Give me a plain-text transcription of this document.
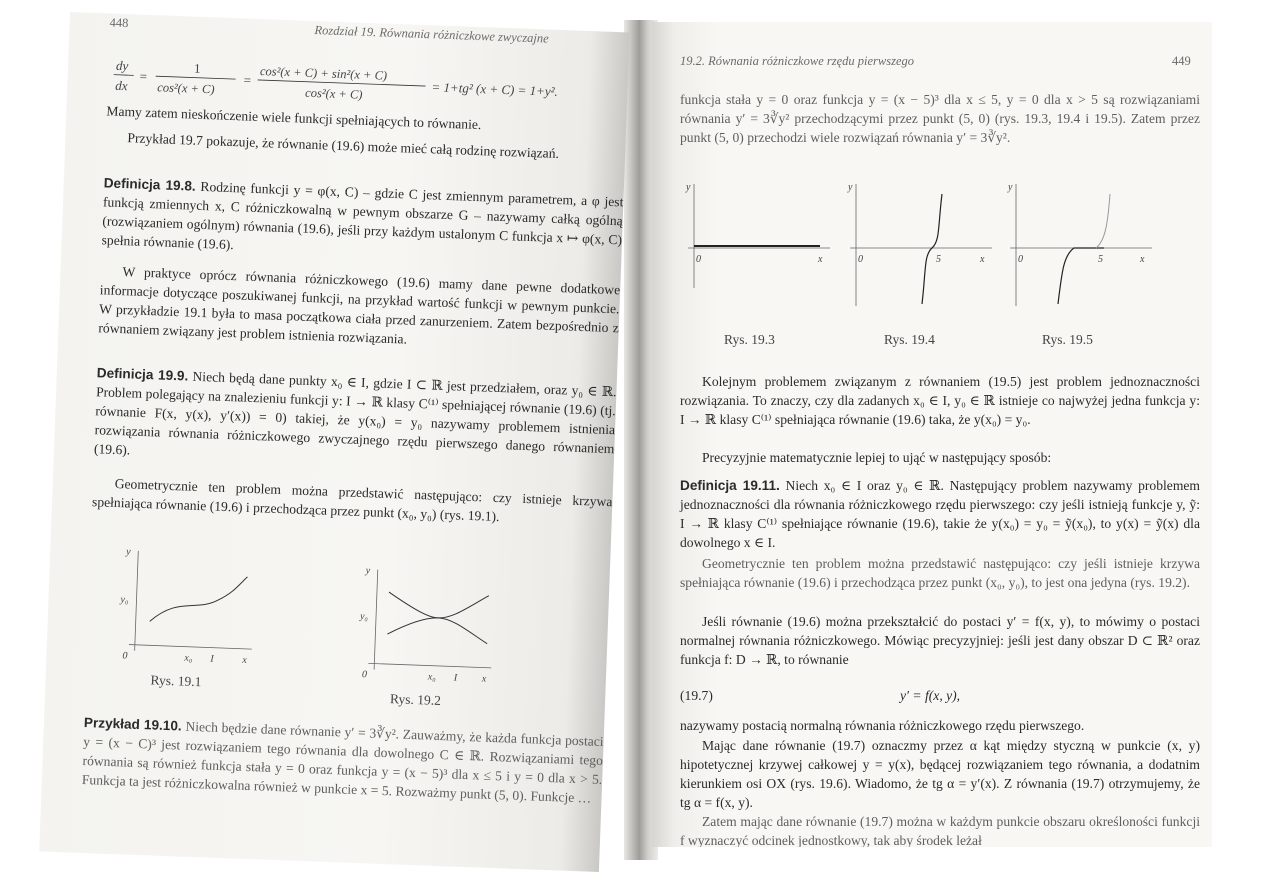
448
Rozdział 19. Równania różniczkowe zwyczajne
dy
dx
=
1
cos²(x + C)
= cos²(x + C) + sin²(x + C)
cos²(x + C)	= 1+tg² (x + C) = 1+y².

Mamy zatem nieskończenie wiele funkcji spełniających to równanie.

Przykład 19.7 pokazuje, że równanie (19.6) może mieć całą rodzinę rozwiązań.

Definicja 19.8. Rodzinę funkcji y = φ(x, C) – gdzie C jest zmiennym parametrem, a φ jest funkcją zmiennych x, C różniczkowalną w pewnym obszarze G – nazywamy całką ogólną (rozwiązaniem ogólnym) równania (19.6), jeśli przy każdym ustalonym C funkcja x ↦ φ(x, C) spełnia równanie (19.6).

W praktyce oprócz równania różniczkowego (19.6) mamy dane pewne dodatkowe informacje dotyczące poszukiwanej funkcji, na przykład wartość funkcji w pewnym punkcie. W przykładzie 19.1 była to masa początkowa ciała przed zanurzeniem. Zatem bezpośrednio z równaniem związany jest problem istnienia rozwiązania.

Definicja 19.9. Niech będą dane punkty x₀ ∈ I, gdzie I ⊂ ℝ jest przedziałem, oraz y₀ ∈ ℝ. Problem polegający na znalezieniu funkcji y: I → ℝ klasy C⁽¹⁾ spełniającej równanie (19.6) (tj. równanie F(x, y(x), y′(x)) = 0) takiej, że y(x₀) = y₀ nazywamy problemem istnienia rozwiązania równania różniczkowego zwyczajnego rzędu pierwszego danego równaniem (19.6).

Geometrycznie ten problem można przedstawić następująco: czy istnieje krzywa spełniająca równanie (19.6) i przechodząca przez punkt (x₀, y₀) (rys. 19.1).

y
y₀
0	x₀ I	x
Rys. 19.1
y
y₀
0	x₀ I x
Rys. 19.2

Przykład 19.10. Niech będzie dane równanie y′ = 3∛y². Zauważmy, że każda funkcja postaci y = (x − C)³ jest rozwiązaniem tego równania dla dowolnego C ∈ ℝ. Rozwiązaniami tego równania są również funkcja stała y = 0 oraz funkcja y = (x − 5)³ dla x ≤ 5 i y = 0 dla x > 5. Funkcja ta jest różniczkowalna również w punkcie x = 5. Rozważmy punkt (5, 0). Funkcje …

19.2. Równania różniczkowe rzędu pierwszego	449

funkcja stała y = 0 oraz funkcja y = (x − 5)³ dla x ≤ 5, y = 0 dla x > 5 są rozwiązaniami równania y′ = 3∛y² przechodzącymi przez punkt (5, 0) (rys. 19.3, 19.4 i 19.5). Zatem przez punkt (5, 0) przechodzi wiele rozwiązań równania y′ = 3∛y².

y
0	x
Rys. 19.3
y
0	5	x
Rys. 19.4
y
0	5	x
Rys. 19.5

Kolejnym problemem związanym z równaniem (19.5) jest problem jednoznaczności rozwiązania. To znaczy, czy dla zadanych x₀ ∈ I, y₀ ∈ ℝ istnieje co najwyżej jedna funkcja y: I → ℝ klasy C⁽¹⁾ spełniająca równanie (19.6) taka, że y(x₀) = y₀.

Precyzyjnie matematycznie lepiej to ująć w następujący sposób:

Definicja 19.11. Niech x₀ ∈ I oraz y₀ ∈ ℝ. Następujący problem nazywamy problemem jednoznaczności dla równania różniczkowego rzędu pierwszego: czy jeśli istnieją funkcje y, ỹ: I → ℝ klasy C⁽¹⁾ spełniające równanie (19.6), takie że y(x₀) = y₀ = ỹ(x₀), to y(x) = ỹ(x) dla dowolnego x ∈ I.

Geometrycznie ten problem można przedstawić następująco: czy jeśli istnieje krzywa spełniająca równanie (19.6) i przechodząca przez punkt (x₀, y₀), to jest ona jedyna (rys. 19.2).

Jeśli równanie (19.6) można przekształcić do postaci y′ = f(x, y), to mówimy o postaci normalnej równania różniczkowego. Mówiąc precyzyjniej: jeśli jest dany obszar D ⊂ ℝ² oraz funkcja f: D → ℝ, to równanie

(19.7)	y′ = f(x, y),

nazywamy postacią normalną równania różniczkowego rzędu pierwszego.

Mając dane równanie (19.7) oznaczmy przez α kąt między styczną w punkcie (x, y) hipotetycznej krzywej całkowej y = y(x), będącej rozwiązaniem tego równania, a dodatnim kierunkiem osi OX (rys. 19.6). Wiadomo, że tg α = y′(x). Z równania (19.7) otrzymujemy, że tg α = f(x, y).

Zatem mając dane równanie (19.7) można w każdym punkcie obszaru określoności funkcji f wyznaczyć odcinek jednostkowy, tak aby środek leżał
